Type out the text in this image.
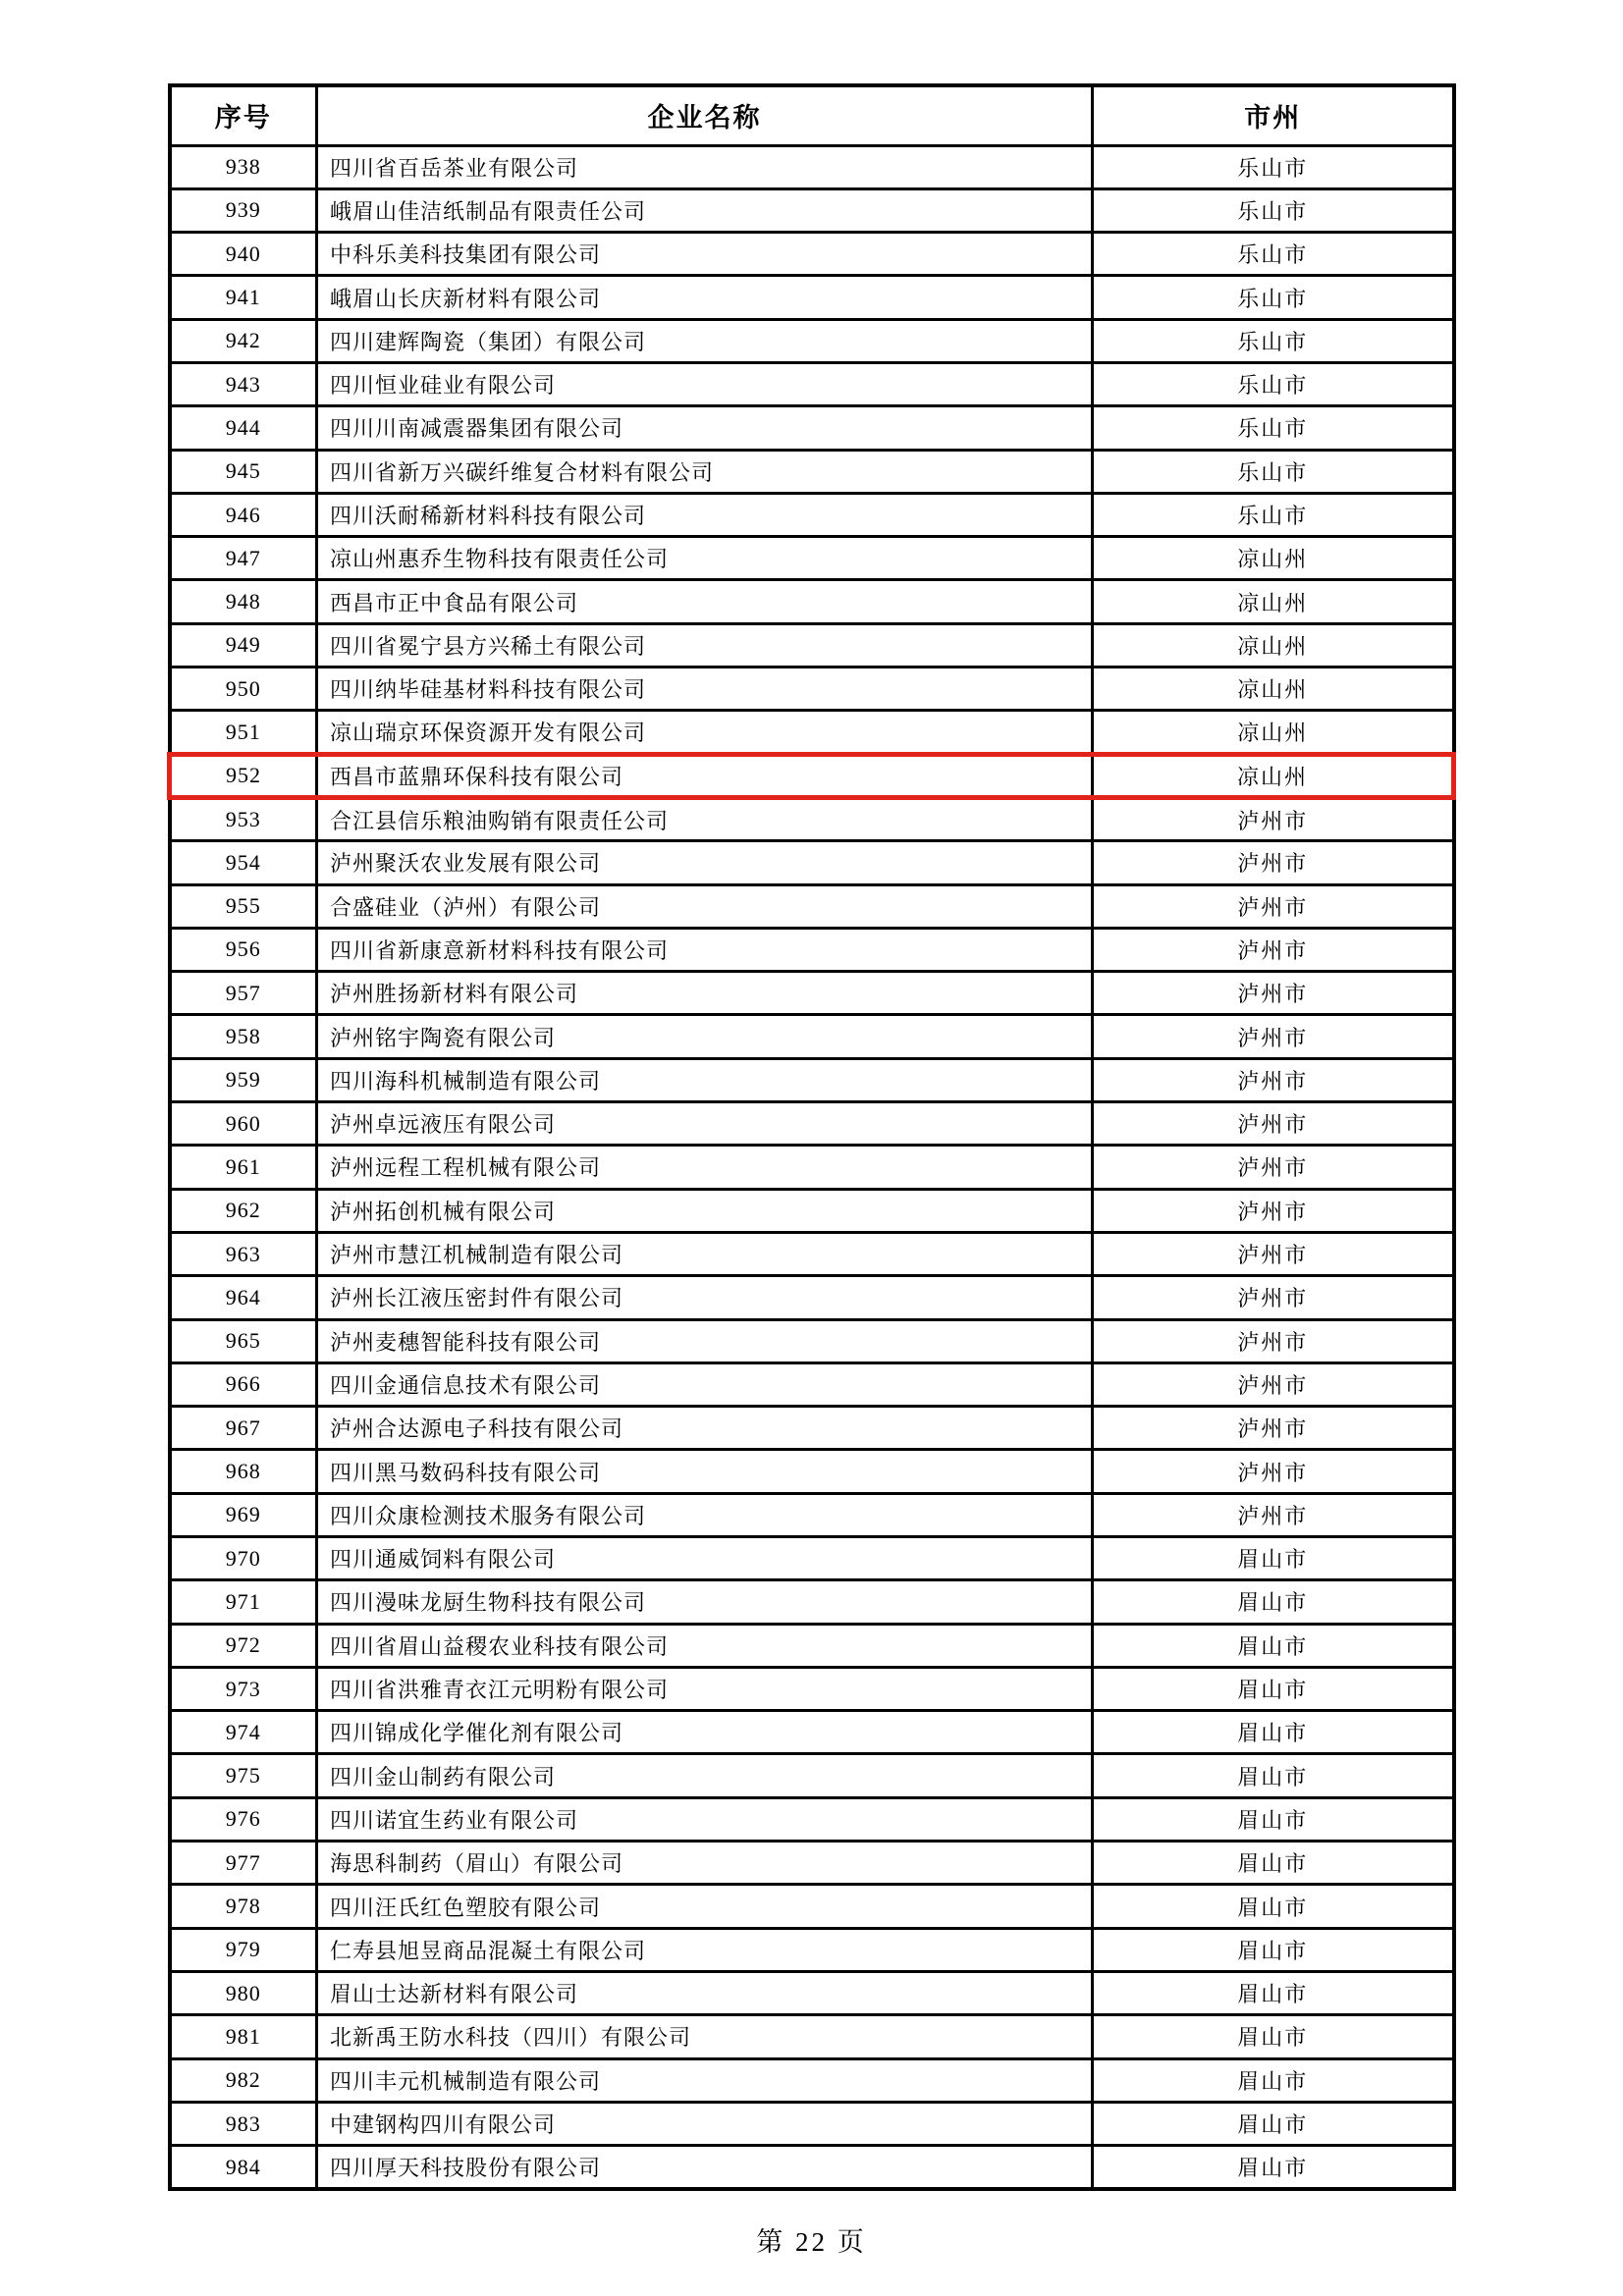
序号	企业名称	市州
938	四川省百岳茶业有限公司	乐山市
939	峨眉山佳洁纸制品有限责任公司	乐山市
940	中科乐美科技集团有限公司	乐山市
941	峨眉山长庆新材料有限公司	乐山市
942	四川建辉陶瓷（集团）有限公司	乐山市
943	四川恒业硅业有限公司	乐山市
944	四川川南减震器集团有限公司	乐山市
945	四川省新万兴碳纤维复合材料有限公司	乐山市
946	四川沃耐稀新材料科技有限公司	乐山市
947	凉山州惠乔生物科技有限责任公司	凉山州
948	西昌市正中食品有限公司	凉山州
949	四川省冕宁县方兴稀土有限公司	凉山州
950	四川纳毕硅基材料科技有限公司	凉山州
951	凉山瑞京环保资源开发有限公司	凉山州
952	西昌市蓝鼎环保科技有限公司	凉山州
953	合江县信乐粮油购销有限责任公司	泸州市
954	泸州聚沃农业发展有限公司	泸州市
955	合盛硅业（泸州）有限公司	泸州市
956	四川省新康意新材料科技有限公司	泸州市
957	泸州胜扬新材料有限公司	泸州市
958	泸州铭宇陶瓷有限公司	泸州市
959	四川海科机械制造有限公司	泸州市
960	泸州卓远液压有限公司	泸州市
961	泸州远程工程机械有限公司	泸州市
962	泸州拓创机械有限公司	泸州市
963	泸州市慧江机械制造有限公司	泸州市
964	泸州长江液压密封件有限公司	泸州市
965	泸州麦穗智能科技有限公司	泸州市
966	四川金通信息技术有限公司	泸州市
967	泸州合达源电子科技有限公司	泸州市
968	四川黑马数码科技有限公司	泸州市
969	四川众康检测技术服务有限公司	泸州市
970	四川通威饲料有限公司	眉山市
971	四川漫味龙厨生物科技有限公司	眉山市
972	四川省眉山益稷农业科技有限公司	眉山市
973	四川省洪雅青衣江元明粉有限公司	眉山市
974	四川锦成化学催化剂有限公司	眉山市
975	四川金山制药有限公司	眉山市
976	四川诺宜生药业有限公司	眉山市
977	海思科制药（眉山）有限公司	眉山市
978	四川汪氏红色塑胶有限公司	眉山市
979	仁寿县旭昱商品混凝土有限公司	眉山市
980	眉山士达新材料有限公司	眉山市
981	北新禹王防水科技（四川）有限公司	眉山市
982	四川丰元机械制造有限公司	眉山市
983	中建钢构四川有限公司	眉山市
984	四川厚天科技股份有限公司	眉山市
第 22 页
